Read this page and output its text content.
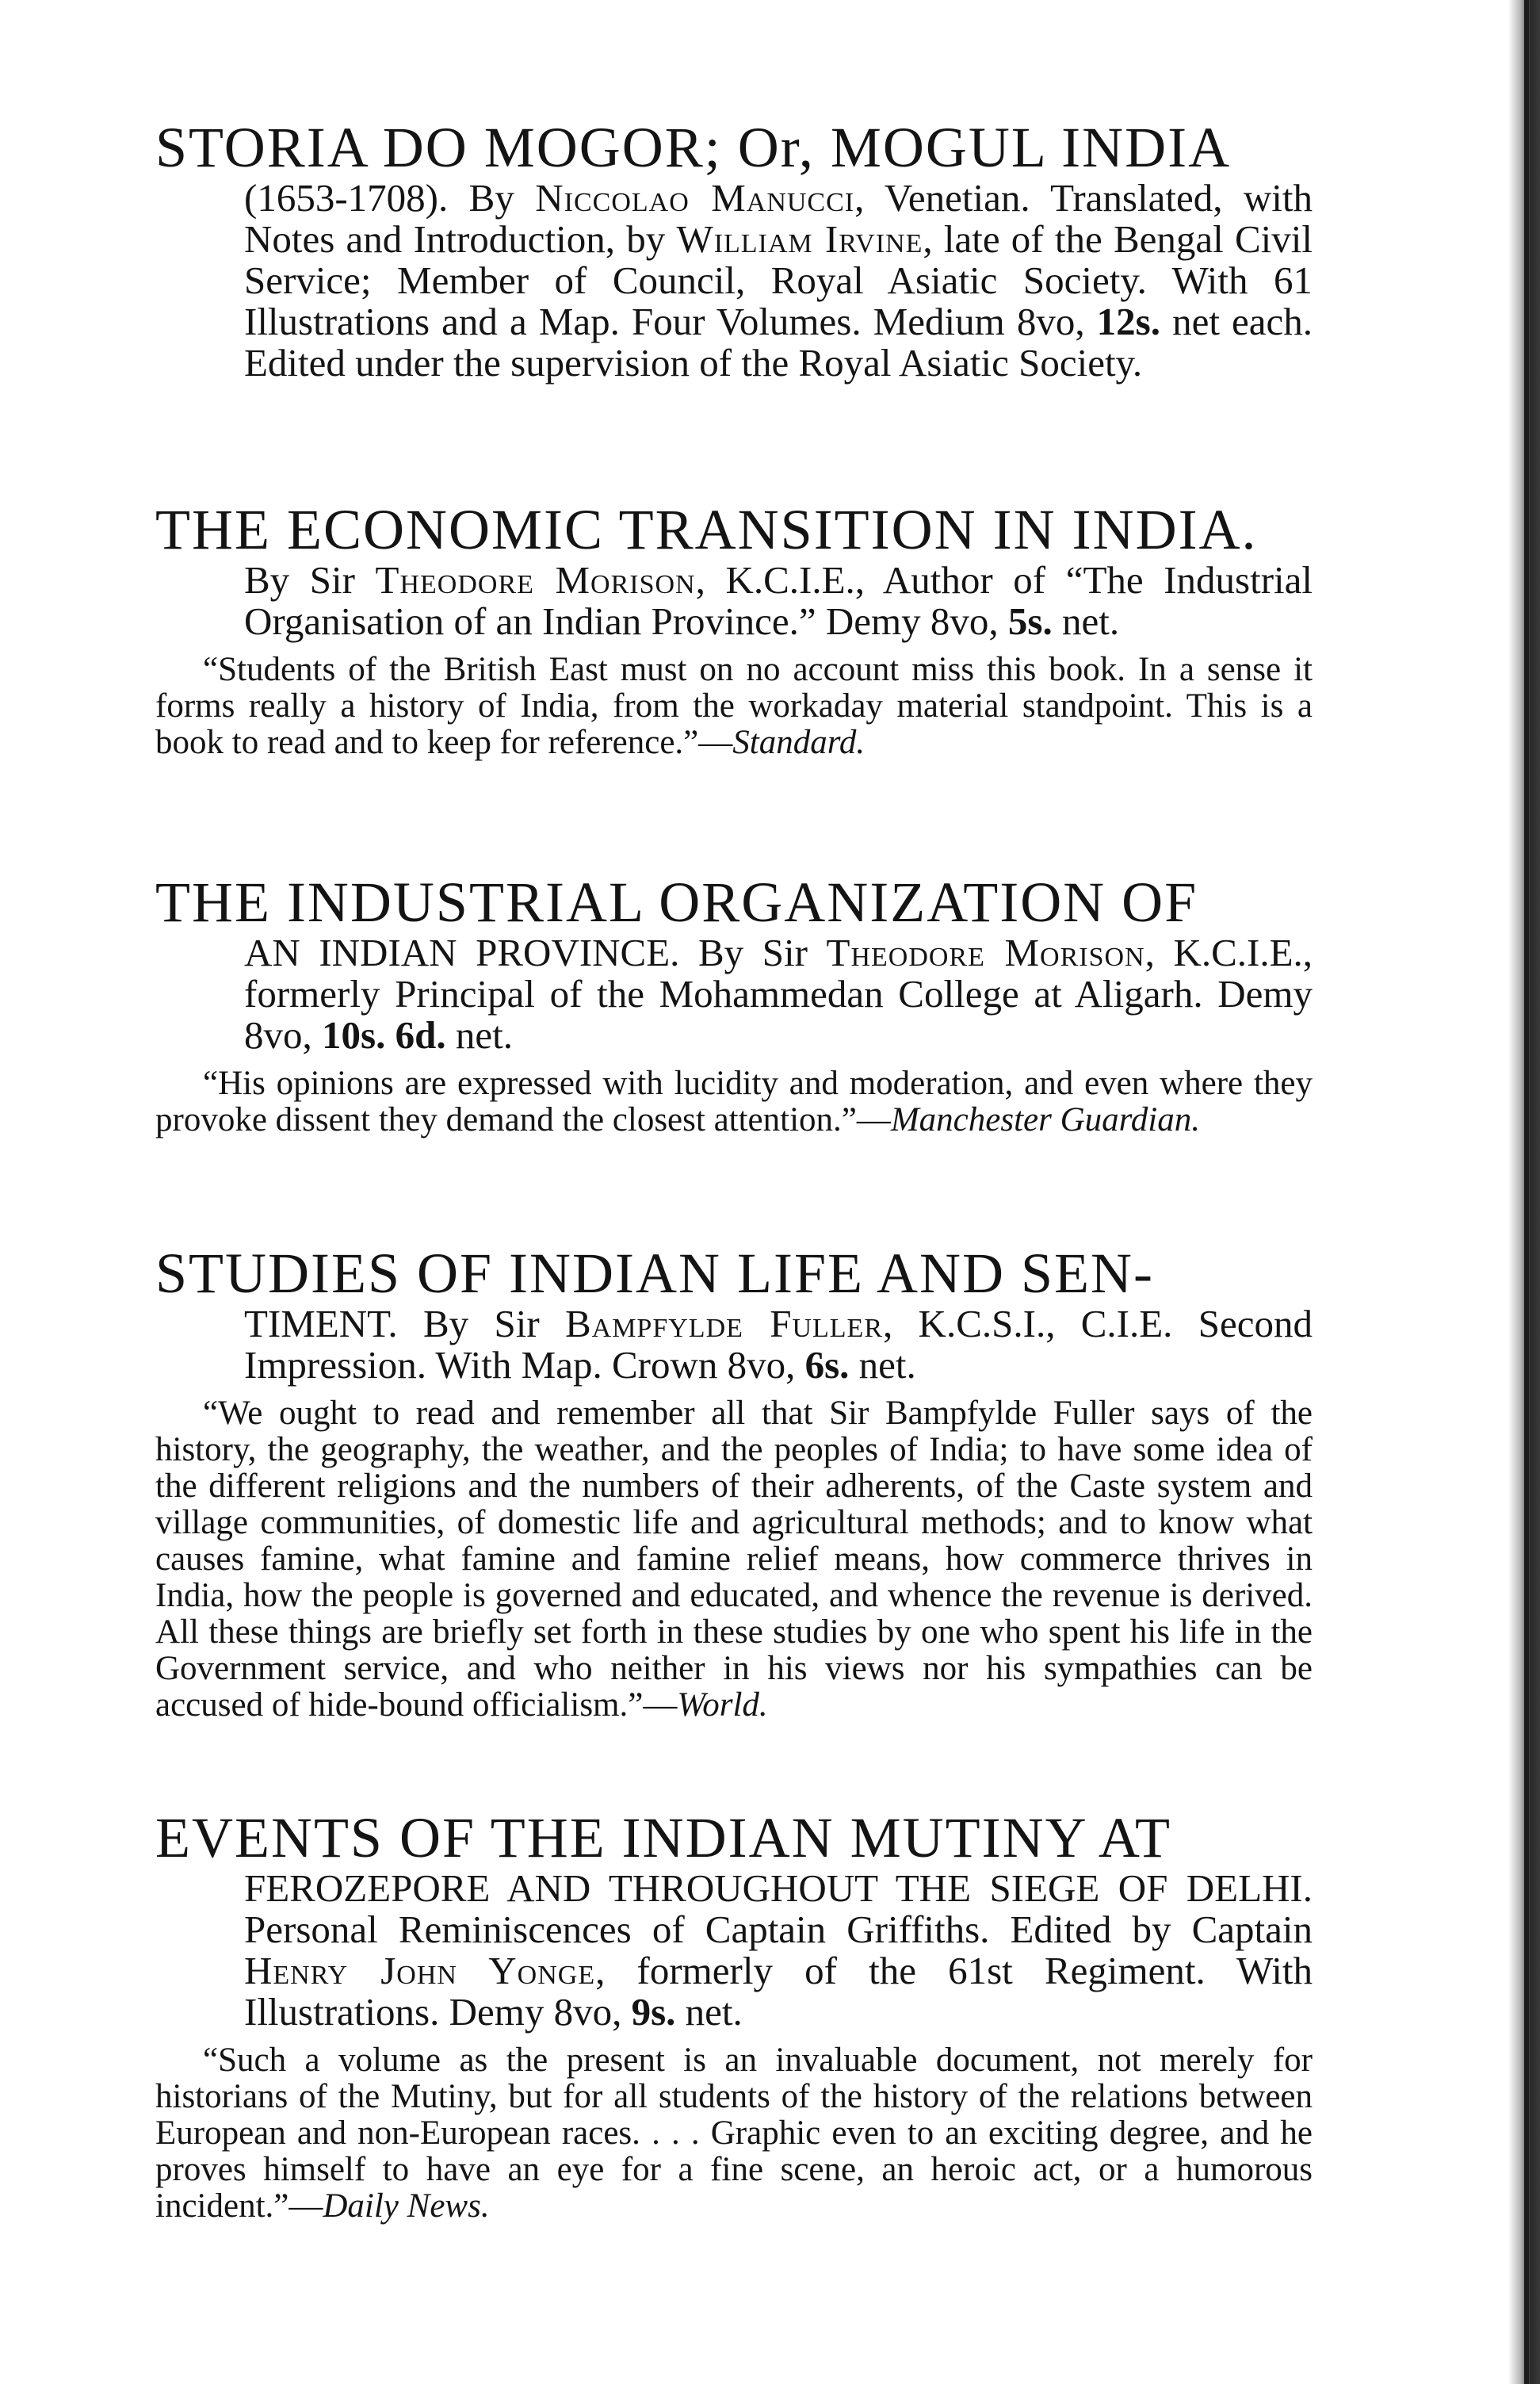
STORIA DO MOGOR; Or, MOGUL INDIA
(1653-1708). By Niccolao Manucci, Venetian. Translated, with Notes and Introduction, by William Irvine, late of the Bengal Civil Service; Member of Council, Royal Asiatic Society. With 61 Illustrations and a Map. Four Volumes. Medium 8vo, 12s. net each. Edited under the supervision of the Royal Asiatic Society.
THE ECONOMIC TRANSITION IN INDIA.
By Sir Theodore Morison, K.C.I.E., Author of “The Industrial Organisation of an Indian Province.” Demy 8vo, 5s. net.

“Students of the British East must on no account miss this book. In a sense it forms really a history of India, from the workaday material standpoint. This is a book to read and to keep for reference.”—Standard.

THE INDUSTRIAL ORGANIZATION OF
AN INDIAN PROVINCE. By Sir Theodore Morison, K.C.I.E., formerly Principal of the Mohammedan College at Aligarh. Demy 8vo, 10s. 6d. net.

“His opinions are expressed with lucidity and moderation, and even where they provoke dissent they demand the closest attention.”—Manchester Guardian.

STUDIES OF INDIAN LIFE AND SEN-
TIMENT. By Sir Bampfylde Fuller, K.C.S.I., C.I.E. Second Impression. With Map. Crown 8vo, 6s. net.

“We ought to read and remember all that Sir Bampfylde Fuller says of the history, the geography, the weather, and the peoples of India; to have some idea of the different religions and the numbers of their adherents, of the Caste system and village communities, of domestic life and agricultural methods; and to know what causes famine, what famine and famine relief means, how commerce thrives in India, how the people is governed and educated, and whence the revenue is derived. All these things are briefly set forth in these studies by one who spent his life in the Government service, and who neither in his views nor his sympathies can be accused of hide-bound officialism.”—World.

EVENTS OF THE INDIAN MUTINY AT
FEROZEPORE AND THROUGHOUT THE SIEGE OF DELHI. Personal Reminiscences of Captain Griffiths. Edited by Captain Henry John Yonge, formerly of the 61st Regiment. With Illustrations. Demy 8vo, 9s. net.

“Such a volume as the present is an invaluable document, not merely for historians of the Mutiny, but for all students of the history of the relations between European and non-European races. . . . Graphic even to an exciting degree, and he proves himself to have an eye for a fine scene, an heroic act, or a humorous incident.”—Daily News.
